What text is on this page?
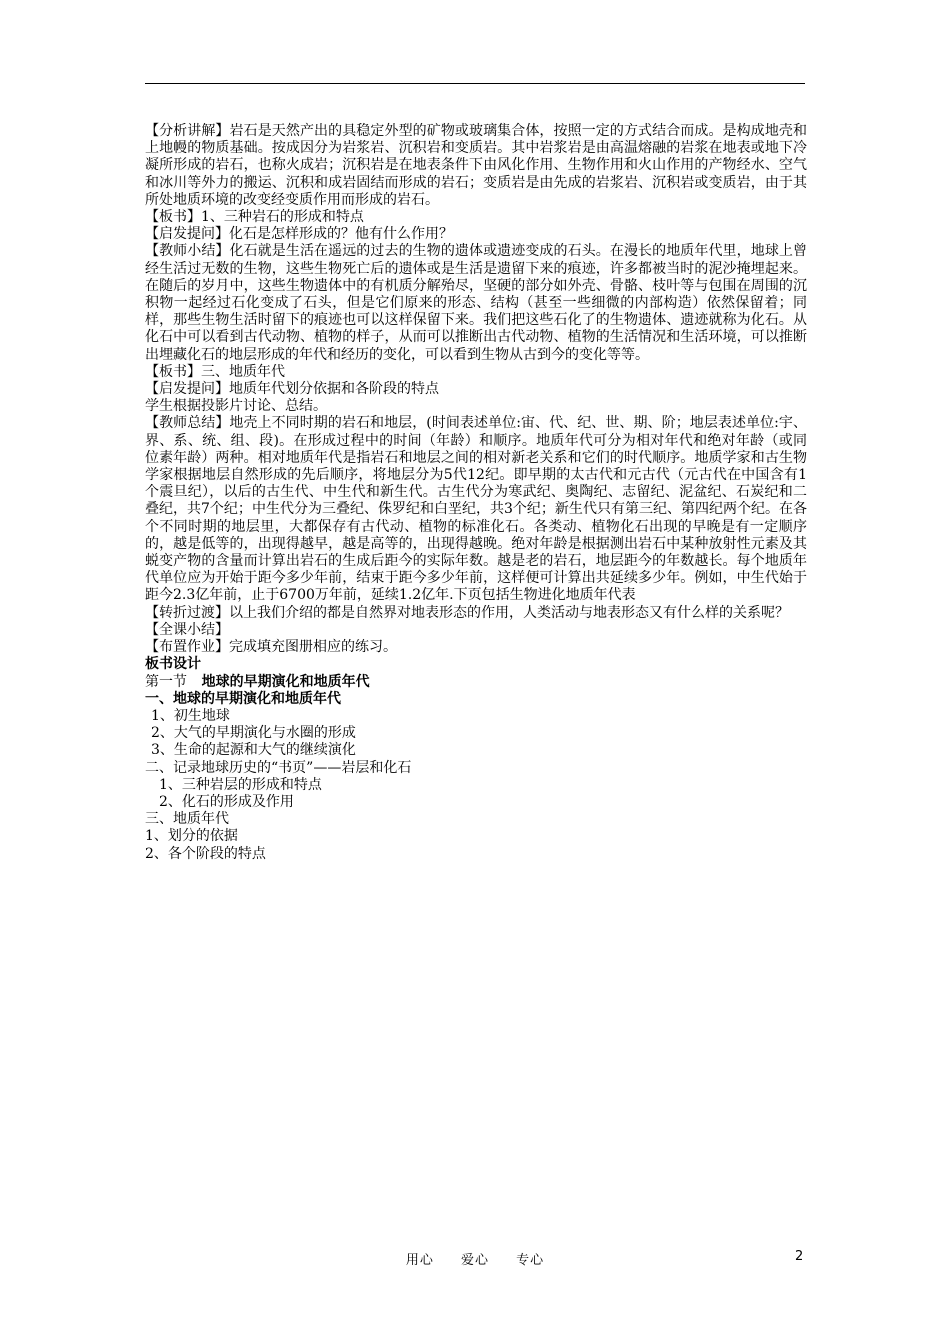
【分析讲解】岩石是天然产出的具稳定外型的矿物或玻璃集合体，按照一定的方式结合而成。是构成地壳和上地幔的物质基础。按成因分为岩浆岩、沉积岩和变质岩。其中岩浆岩是由高温熔融的岩浆在地表或地下冷凝所形成的岩石，也称火成岩；沉积岩是在地表条件下由风化作用、生物作用和火山作用的产物经水、空气和冰川等外力的搬运、沉积和成岩固结而形成的岩石；变质岩是由先成的岩浆岩、沉积岩或变质岩，由于其所处地质环境的改变经变质作用而形成的岩石。

【板书】1、三种岩石的形成和特点

【启发提问】化石是怎样形成的？他有什么作用？

【教师小结】化石就是生活在遥远的过去的生物的遗体或遗迹变成的石头。在漫长的地质年代里，地球上曾经生活过无数的生物，这些生物死亡后的遗体或是生活是遗留下来的痕迹，许多都被当时的泥沙掩埋起来。在随后的岁月中，这些生物遗体中的有机质分解殆尽，坚硬的部分如外壳、骨骼、枝叶等与包围在周围的沉积物一起经过石化变成了石头，但是它们原来的形态、结构（甚至一些细微的内部构造）依然保留着；同样，那些生物生活时留下的痕迹也可以这样保留下来。我们把这些石化了的生物遗体、遗迹就称为化石。从化石中可以看到古代动物、植物的样子，从而可以推断出古代动物、植物的生活情况和生活环境，可以推断出埋藏化石的地层形成的年代和经历的变化，可以看到生物从古到今的变化等等。

【板书】三、地质年代

【启发提问】地质年代划分依据和各阶段的特点

学生根据投影片讨论、总结。

【教师总结】地壳上不同时期的岩石和地层，(时间表述单位:宙、代、纪、世、期、阶；地层表述单位:宇、界、系、统、组、段)。在形成过程中的时间（年龄）和顺序。地质年代可分为相对年代和绝对年龄（或同位素年龄）两种。相对地质年代是指岩石和地层之间的相对新老关系和它们的时代顺序。地质学家和古生物学家根据地层自然形成的先后顺序，将地层分为5代12纪。即早期的太古代和元古代（元古代在中国含有1个震旦纪），以后的古生代、中生代和新生代。古生代分为寒武纪、奥陶纪、志留纪、泥盆纪、石炭纪和二叠纪，共7个纪；中生代分为三叠纪、侏罗纪和白垩纪，共3个纪；新生代只有第三纪、第四纪两个纪。在各个不同时期的地层里，大都保存有古代动、植物的标准化石。各类动、植物化石出现的早晚是有一定顺序的，越是低等的，出现得越早，越是高等的，出现得越晚。绝对年龄是根据测出岩石中某种放射性元素及其蜕变产物的含量而计算出岩石的生成后距今的实际年数。越是老的岩石，地层距今的年数越长。每个地质年代单位应为开始于距今多少年前，结束于距今多少年前，这样便可计算出共延续多少年。例如，中生代始于距今2.3亿年前，止于6700万年前，延续1.2亿年.下页包括生物进化地质年代表

【转折过渡】以上我们介绍的都是自然界对地表形态的作用，人类活动与地表形态又有什么样的关系呢？

【全课小结】

【布置作业】完成填充图册相应的练习。

板书设计

第一节 地球的早期演化和地质年代

一、地球的早期演化和地质年代

1、初生地球

2、大气的早期演化与水圈的形成

3、生命的起源和大气的继续演化

二、记录地球历史的“书页”——岩层和化石

1、三种岩层的形成和特点

2、化石的形成及作用

三、地质年代

1、划分的依据

2、各个阶段的特点

用心 爱心 专心	2
